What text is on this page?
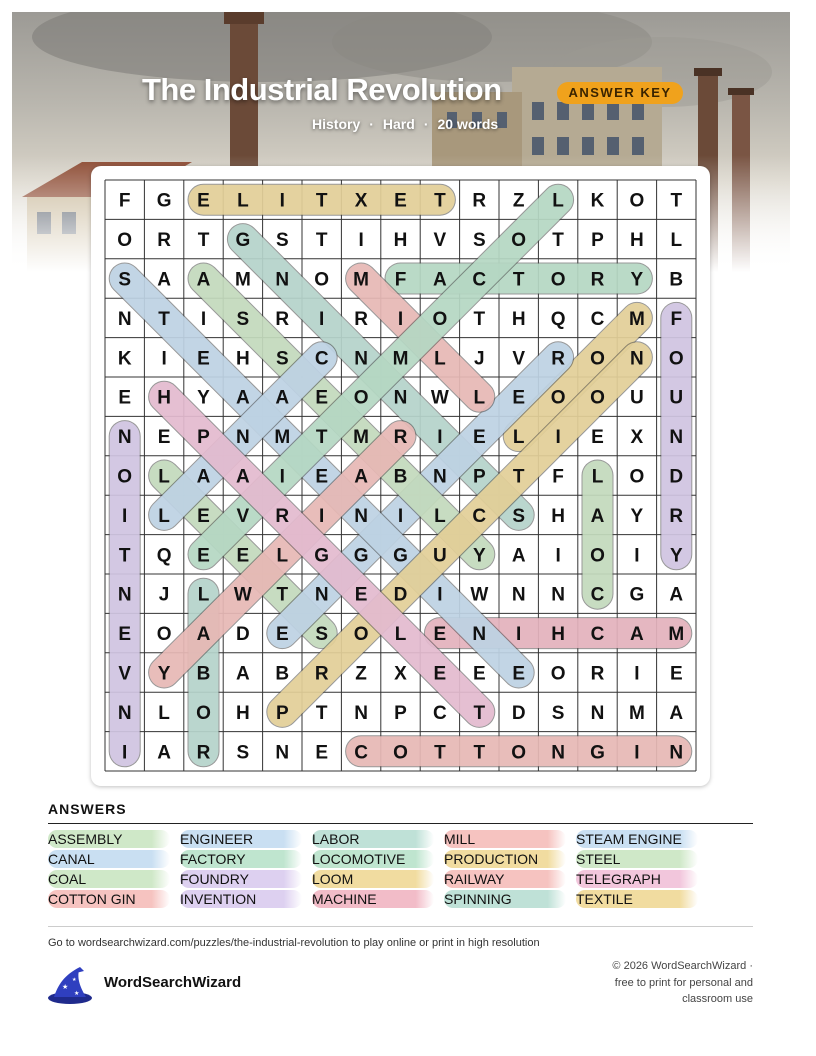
The Industrial Revolution	ANSWER KEY
History · Hard · 20 words
F G E L I T X E T R Z L K O T
O R T G S T I H V S O T P H L
S A A M N O M F A C T O R Y B
N T I S R I R I O T H Q C M F
K I E H S C N M L J V R O N O
E H Y A A E O N W L E O O U U
N E P N M T M R I E L I E X N
O L A A I E A B N P T F L O D
I L E V R I N I L C S H A Y R
T Q E E L G G G U Y A I O I Y
N J L W T N E D I W N N C G A
E O A D E S O L E N I H C A M
V Y B A B R Z X E E E O R I E
N L O H P T N P C T D S N M A
I A R S N E C O T T O N G I N
ANSWERS
ASSEMBLY
CANAL
COAL
COTTON GIN
ENGINEER
FACTORY
FOUNDRY
INVENTION
LABOR
LOCOMOTIVE
LOOM
MACHINE
MILL
PRODUCTION
RAILWAY
SPINNING
STEAM ENGINE
STEEL
TELEGRAPH
TEXTILE
Go to wordsearchwizard.com/puzzles/the-industrial-revolution to play online or print in high resolution
★
★
★
WordSearchWizard
© 2026 WordSearchWizard ·
free to print for personal and
classroom use
